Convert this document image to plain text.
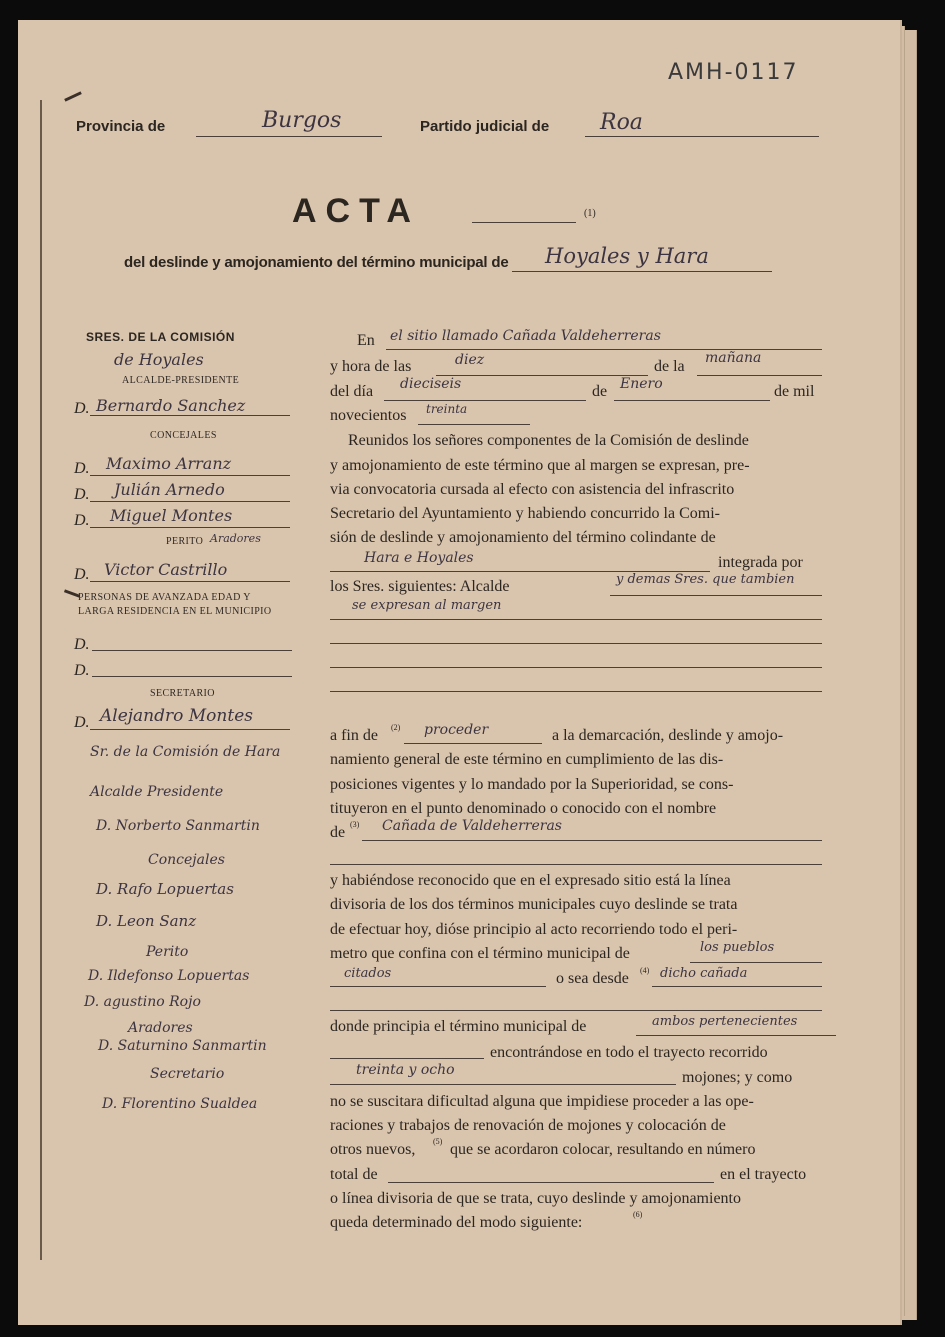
AMH-0117
Provincia de	Burgos	Partido judicial de Roa
ACTA	(1)
del deslinde y amojonamiento del término municipal de Hoyales y Hara
SRES. DE LA COMISIÓN
de Hoyales
ALCALDE-PRESIDENTE
D. Bernardo Sanchez
CONCEJALES
D. Maximo Arranz
D. Julián Arnedo
D. Miguel Montes
PERITO Aradores
D. Victor Castrillo
PERSONAS DE AVANZADA EDAD Y
LARGA RESIDENCIA EN EL MUNICIPIO
D.
D.
SECRETARIO
D. Alejandro Montes
Sr. de la Comisión de Hara
Alcalde Presidente
D. Norberto Sanmartin
Concejales
D. Rafo Lopuertas
D. Leon Sanz
Perito
D. Ildefonso Lopuertas
D. agustino Rojo
Aradores
D. Saturnino Sanmartin
Secretario
D. Florentino Sualdea
En el sitio llamado Cañada Valdeherreras
y hora de las	diez	de la mañana
del día dieciseis	de Enero	de mil
novecientos treinta
Reunidos los señores componentes de la Comisión de deslinde
y amojonamiento de este término que al margen se expresan, pre-
via convocatoria cursada al efecto con asistencia del infrascrito
Secretario del Ayuntamiento y habiendo concurrido la Comi-
sión de deslinde y amojonamiento del término colindante de
Hara e Hoyales	integrada por
los Sres. siguientes: Alcalde	y demas Sres. que tambien
se expresan al margen
a fin de (2) proceder	a la demarcación, deslinde y amojo-
namiento general de este término en cumplimiento de las dis-
posiciones vigentes y lo mandado por la Superioridad, se cons-
tituyeron en el punto denominado o conocido con el nombre
de (3) Cañada de Valdeherreras
y habiéndose reconocido que en el expresado sitio está la línea
divisoria de los dos términos municipales cuyo deslinde se trata
de efectuar hoy, dióse principio al acto recorriendo todo el peri-
metro que confina con el término municipal de	los pueblos
citados	o sea desde (4) dicho cañada
donde principia el término municipal de	ambos pertenecientes
encontrándose en todo el trayecto recorrido
treinta y ocho	mojones; y como
no se suscitara dificultad alguna que impidiese proceder a las ope-
raciones y trabajos de renovación de mojones y colocación de
otros nuevos, (5) que se acordaron colocar, resultando en número
total de	en el trayecto
o línea divisoria de que se trata, cuyo deslinde y amojonamiento
queda determinado del modo siguiente:	(6)
